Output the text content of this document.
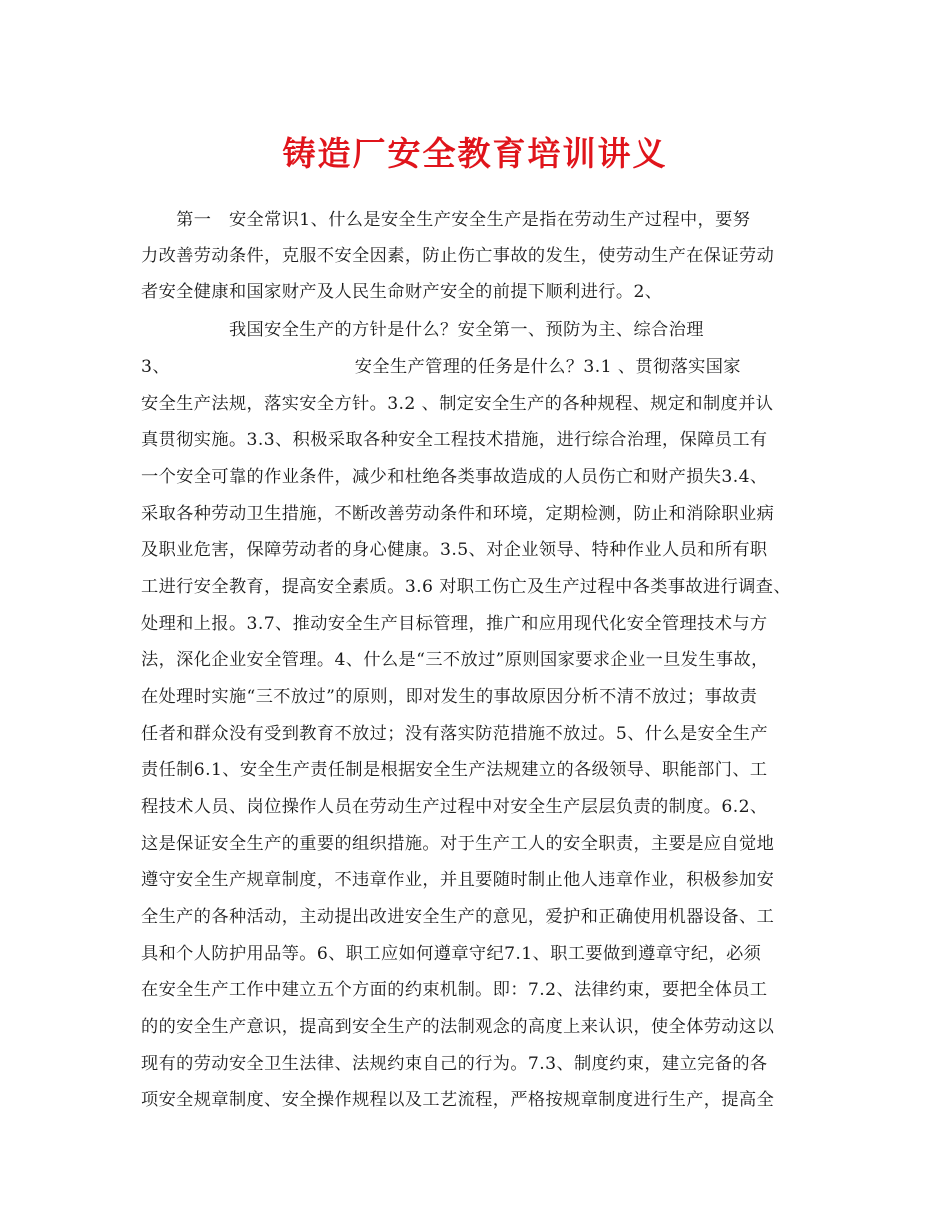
铸造厂安全教育培训讲义
　　第一　安全常识1、什么是安全生产安全生产是指在劳动生产过程中，要努
力改善劳动条件，克服不安全因素，防止伤亡事故的发生，使劳动生产在保证劳动
者安全健康和国家财产及人民生命财产安全的前提下顺利进行。2、
　　　　　我国安全生产的方针是什么？安全第一、预防为主、综合治理
3、　　　　　　　　　　　安全生产管理的任务是什么？3.1 、贯彻落实国家
安全生产法规，落实安全方针。3.2 、制定安全生产的各种规程、规定和制度并认
真贯彻实施。3.3、积极采取各种安全工程技术措施，进行综合治理，保障员工有
一个安全可靠的作业条件，减少和杜绝各类事故造成的人员伤亡和财产损失3.4、
采取各种劳动卫生措施，不断改善劳动条件和环境，定期检测，防止和消除职业病
及职业危害，保障劳动者的身心健康。3.5、对企业领导、特种作业人员和所有职
工进行安全教育，提高安全素质。3.6 对职工伤亡及生产过程中各类事故进行调查、
处理和上报。3.7、推动安全生产目标管理，推广和应用现代化安全管理技术与方
法，深化企业安全管理。4、什么是“三不放过”原则国家要求企业一旦发生事故，
在处理时实施“三不放过”的原则，即对发生的事故原因分析不清不放过；事故责
任者和群众没有受到教育不放过；没有落实防范措施不放过。5、什么是安全生产
责任制6.1、安全生产责任制是根据安全生产法规建立的各级领导、职能部门、工
程技术人员、岗位操作人员在劳动生产过程中对安全生产层层负责的制度。6.2、
这是保证安全生产的重要的组织措施。对于生产工人的安全职责，主要是应自觉地
遵守安全生产规章制度，不违章作业，并且要随时制止他人违章作业，积极参加安
全生产的各种活动，主动提出改进安全生产的意见，爱护和正确使用机器设备、工
具和个人防护用品等。6、职工应如何遵章守纪7.1、职工要做到遵章守纪，必须
在安全生产工作中建立五个方面的约束机制。即：7.2、法律约束，要把全体员工
的的安全生产意识，提高到安全生产的法制观念的高度上来认识，使全体劳动这以
现有的劳动安全卫生法律、法规约束自己的行为。7.3、制度约束，建立完备的各
项安全规章制度、安全操作规程以及工艺流程，严格按规章制度进行生产，提高全
